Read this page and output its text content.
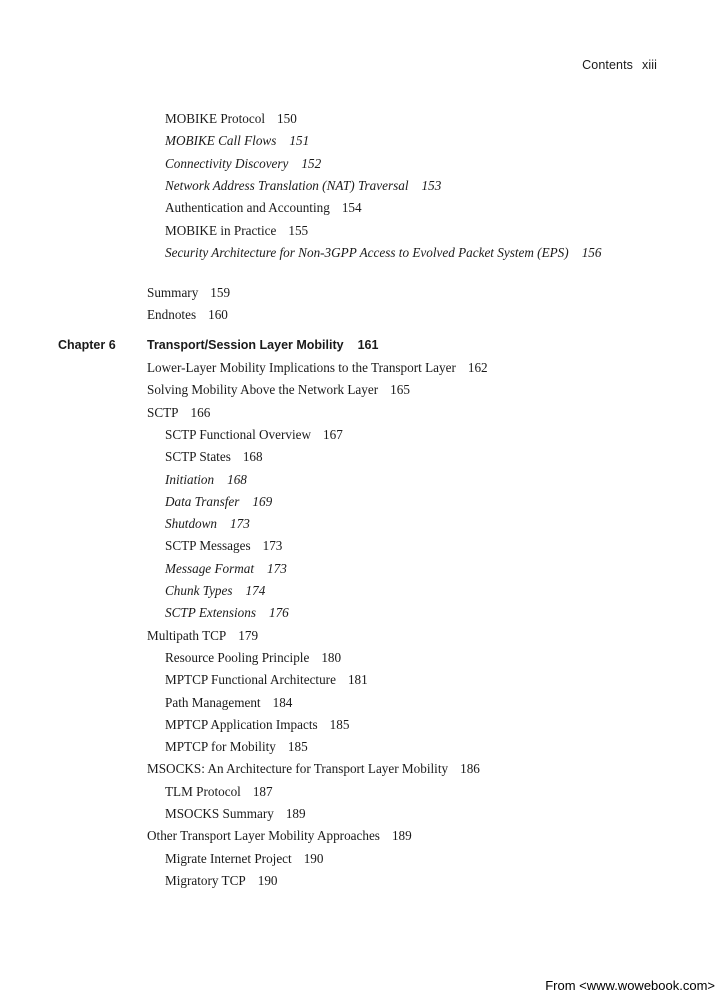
Contents xiii
MOBIKE Protocol 150
MOBIKE Call Flows 151
Connectivity Discovery 152
Network Address Translation (NAT) Traversal 153
Authentication and Accounting 154
MOBIKE in Practice 155
Security Architecture for Non-3GPP Access to Evolved Packet System (EPS) 156
Summary 159
Endnotes 160
Chapter 6	Transport/Session Layer Mobility 161
Lower-Layer Mobility Implications to the Transport Layer 162
Solving Mobility Above the Network Layer 165
SCTP 166
SCTP Functional Overview 167
SCTP States 168
Initiation 168
Data Transfer 169
Shutdown 173
SCTP Messages 173
Message Format 173
Chunk Types 174
SCTP Extensions 176
Multipath TCP 179
Resource Pooling Principle 180
MPTCP Functional Architecture 181
Path Management 184
MPTCP Application Impacts 185
MPTCP for Mobility 185
MSOCKS: An Architecture for Transport Layer Mobility 186
TLM Protocol 187
MSOCKS Summary 189
Other Transport Layer Mobility Approaches 189
Migrate Internet Project 190
Migratory TCP 190
From <www.wowebook.com>
